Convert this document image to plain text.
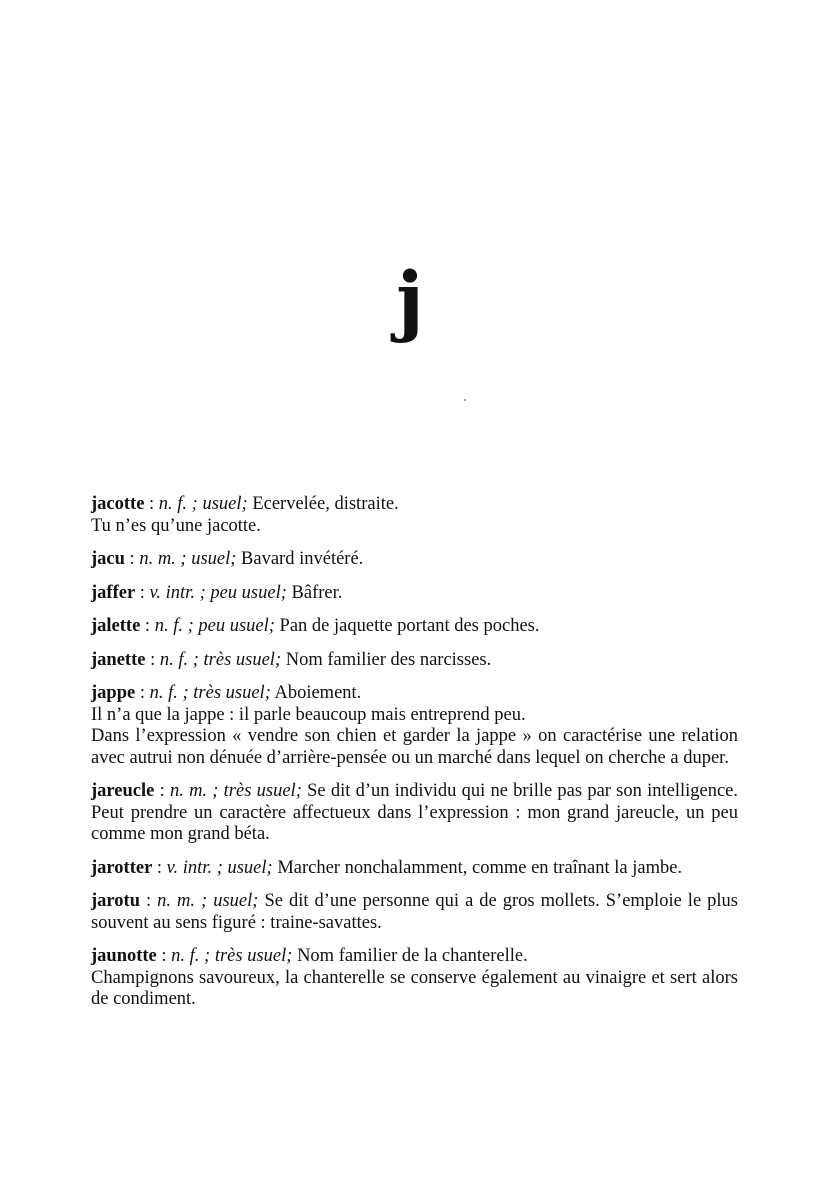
j

jacotte : n. f. ; usuel; Ecervelée, distraite.

Tu n’es qu’une jacotte.

jacu : n. m. ; usuel; Bavard invétéré.

jaffer : v. intr. ; peu usuel; Bâfrer.

jalette : n. f. ; peu usuel; Pan de jaquette portant des poches.

janette : n. f. ; très usuel; Nom familier des narcisses.

jappe : n. f. ; très usuel; Aboiement.

Il n’a que la jappe : il parle beaucoup mais entreprend peu.

Dans l’expression « vendre son chien et garder la jappe » on caractérise une relation avec autrui non dénuée d’arrière-pensée ou un marché dans lequel on cherche a duper.

jareucle : n. m. ; très usuel; Se dit d’un individu qui ne brille pas par son intelligence. Peut prendre un caractère affectueux dans l’expression : mon grand jareucle, un peu comme mon grand béta.

jarotter : v. intr. ; usuel; Marcher nonchalamment, comme en traînant la jambe.

jarotu : n. m. ; usuel; Se dit d’une personne qui a de gros mollets. S’emploie le plus souvent au sens figuré : traine-savattes.

jaunotte : n. f. ; très usuel; Nom familier de la chanterelle.

Champignons savoureux, la chanterelle se conserve également au vinaigre et sert alors de condiment.
